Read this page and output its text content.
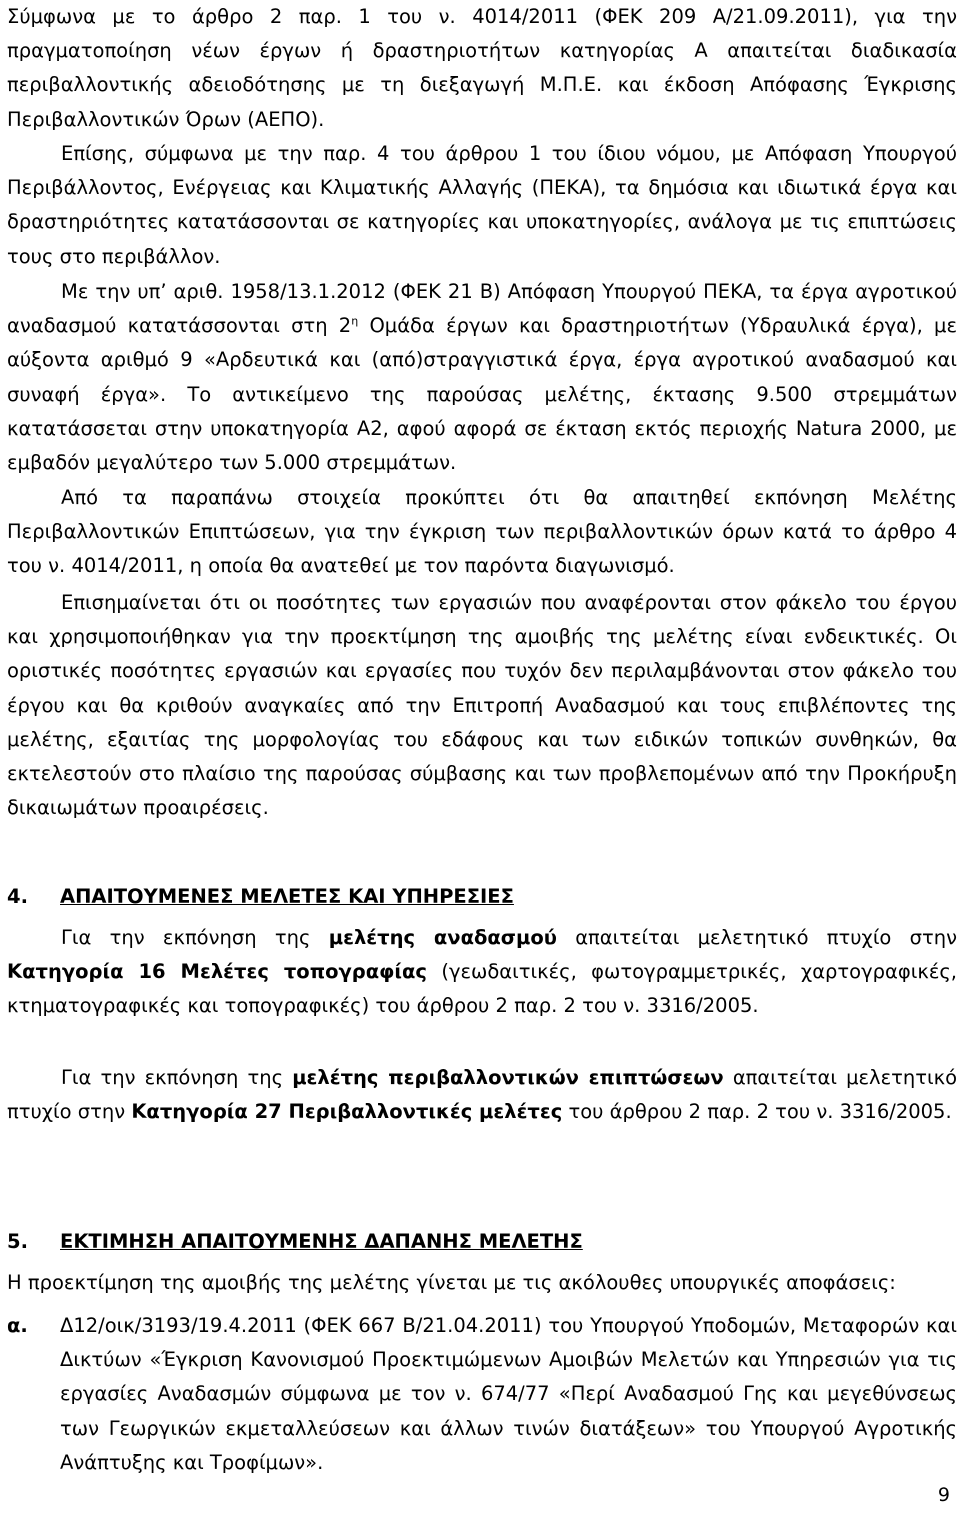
Σύμφωνα με το άρθρο 2 παρ. 1 του ν. 4014/2011 (ΦΕΚ 209 Α/21.09.2011), για την πραγματοποίηση νέων έργων ή δραστηριοτήτων κατηγορίας Α απαιτείται διαδικασία περιβαλλοντικής αδειοδότησης με τη διεξαγωγή Μ.Π.Ε. και έκδοση Απόφασης Έγκρισης Περιβαλλοντικών Όρων (ΑΕΠΟ).

Επίσης, σύμφωνα με την παρ. 4 του άρθρου 1 του ίδιου νόμου, με Απόφαση Υπουργού Περιβάλλοντος, Ενέργειας και Κλιματικής Αλλαγής (ΠΕΚΑ), τα δημόσια και ιδιωτικά έργα και δραστηριότητες κατατάσσονται σε κατηγορίες και υποκατηγορίες, ανάλογα με τις επιπτώσεις τους στο περιβάλλον.

Με την υπ’ αριθ. 1958/13.1.2012 (ΦΕΚ 21 Β) Απόφαση Υπουργού ΠΕΚΑ, τα έργα αγροτικού αναδασμού κατατάσσονται στη $2^\eta$ Ομάδα έργων και δραστηριοτήτων (Υδραυλικά έργα), με αύξοντα αριθμό 9 «Αρδευτικά και (από)στραγγιστικά έργα, έργα αγροτικού αναδασμού και συναφή έργα». Το αντικείμενο της παρούσας μελέτης, έκτασης 9.500 στρεμμάτων κατατάσσεται στην υποκατηγορία Α2, αφού αφορά σε έκταση εκτός περιοχής Natura 2000, με εμβαδόν μεγαλύτερο των 5.000 στρεμμάτων.

Από τα παραπάνω στοιχεία προκύπτει ότι θα απαιτηθεί εκπόνηση Μελέτης Περιβαλλοντικών Επιπτώσεων, για την έγκριση των περιβαλλοντικών όρων κατά το άρθρο 4 του ν. 4014/2011, η οποία θα ανατεθεί με τον παρόντα διαγωνισμό.

Επισημαίνεται ότι οι ποσότητες των εργασιών που αναφέρονται στον φάκελο του έργου και χρησιμοποιήθηκαν για την προεκτίμηση της αμοιβής της μελέτης είναι ενδεικτικές. Οι οριστικές ποσότητες εργασιών και εργασίες που τυχόν δεν περιλαμβάνονται στον φάκελο του έργου και θα κριθούν αναγκαίες από την Επιτροπή Αναδασμού και τους επιβλέποντες της μελέτης, εξαιτίας της μορφολογίας του εδάφους και των ειδικών τοπικών συνθηκών, θα εκτελεστούν στο πλαίσιο της παρούσας σύμβασης και των προβλεπομένων από την Προκήρυξη δικαιωμάτων προαιρέσεις.

4. ΑΠΑΙΤΟΥΜΕΝΕΣ ΜΕΛΕΤΕΣ ΚΑΙ ΥΠΗΡΕΣΙΕΣ

Για την εκπόνηση της μελέτης αναδασμού απαιτείται μελετητικό πτυχίο στην Κατηγορία 16 Μελέτες τοπογραφίας (γεωδαιτικές, φωτογραμμετρικές, χαρτογραφικές, κτηματογραφικές και τοπογραφικές) του άρθρου 2 παρ. 2 του ν. 3316/2005.

Για την εκπόνηση της μελέτης περιβαλλοντικών επιπτώσεων απαιτείται μελετητικό πτυχίο στην Κατηγορία 27 Περιβαλλοντικές μελέτες του άρθρου 2 παρ. 2 του ν. 3316/2005.

5. ΕΚΤΙΜΗΣΗ ΑΠΑΙΤΟΥΜΕΝΗΣ ΔΑΠΑΝΗΣ ΜΕΛΕΤΗΣ

Η προεκτίμηση της αμοιβής της μελέτης γίνεται με τις ακόλουθες υπουργικές αποφάσεις:

α. Δ12/οικ/3193/19.4.2011 (ΦΕΚ 667 Β/21.04.2011) του Υπουργού Υποδομών, Μεταφορών και Δικτύων «Έγκριση Κανονισμού Προεκτιμώμενων Αμοιβών Μελετών και Υπηρεσιών για τις εργασίες Αναδασμών σύμφωνα με τον ν. 674/77 «Περί Αναδασμού Γης και μεγεθύνσεως των Γεωργικών εκμεταλλεύσεων και άλλων τινών διατάξεων» του Υπουργού Αγροτικής Ανάπτυξης και Τροφίμων».
9
